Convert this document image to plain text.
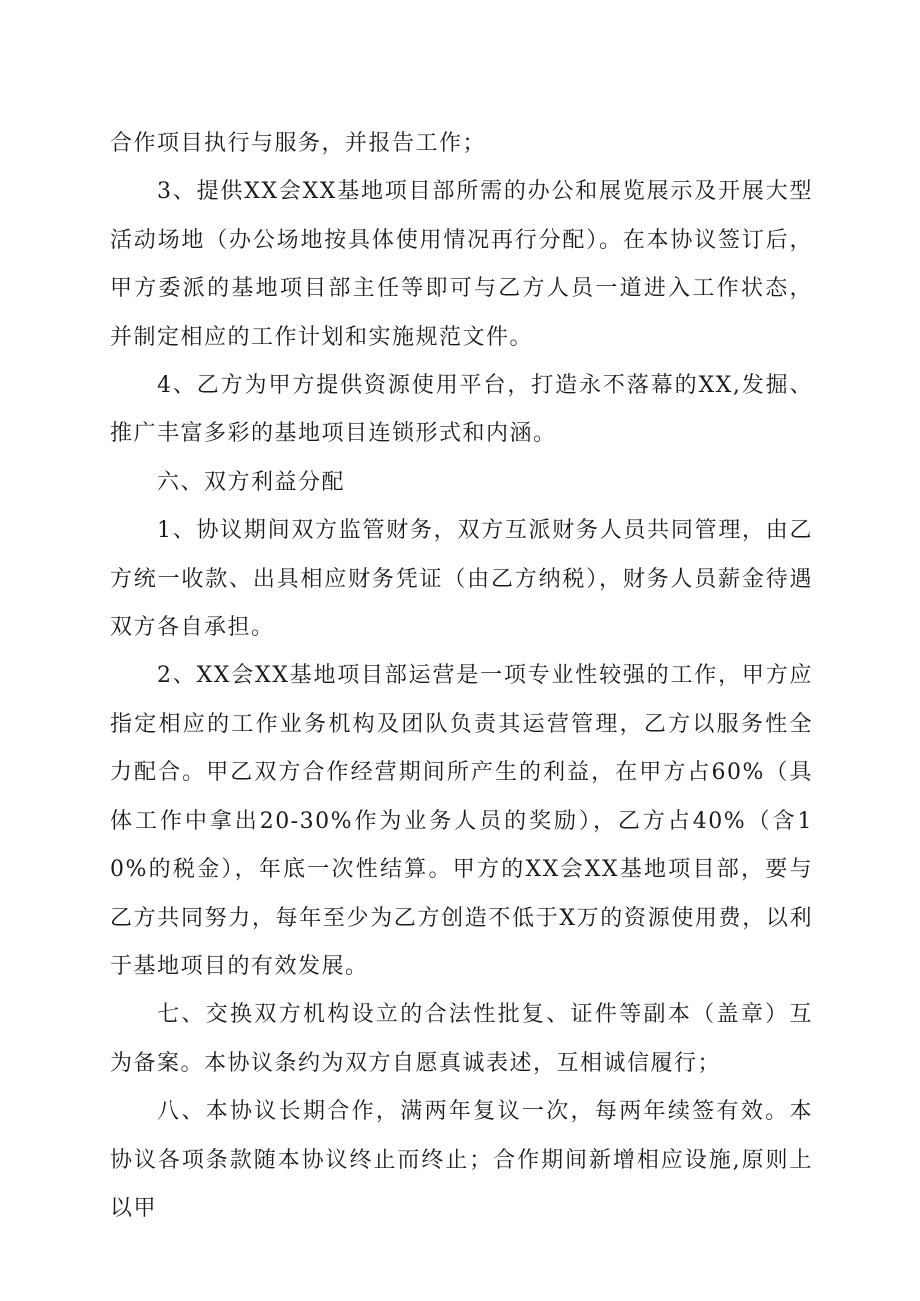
合作项目执行与服务，并报告工作；

3、提供XX会XX基地项目部所需的办公和展览展示及开展大型活动场地（办公场地按具体使用情况再行分配）。在本协议签订后，甲方委派的基地项目部主任等即可与乙方人员一道进入工作状态，并制定相应的工作计划和实施规范文件。

4、乙方为甲方提供资源使用平台，打造永不落幕的XX,发掘、推广丰富多彩的基地项目连锁形式和内涵。

六、双方利益分配

1、协议期间双方监管财务，双方互派财务人员共同管理，由乙方统一收款、出具相应财务凭证（由乙方纳税），财务人员薪金待遇双方各自承担。

2、XX会XX基地项目部运营是一项专业性较强的工作，甲方应指定相应的工作业务机构及团队负责其运营管理，乙方以服务性全力配合。甲乙双方合作经营期间所产生的利益，在甲方占60%（具体工作中拿出20-30%作为业务人员的奖励），乙方占40%（含10%的税金），年底一次性结算。甲方的XX会XX基地项目部，要与乙方共同努力，每年至少为乙方创造不低于X万的资源使用费，以利于基地项目的有效发展。

七、交换双方机构设立的合法性批复、证件等副本（盖章）互为备案。本协议条约为双方自愿真诚表述，互相诚信履行；

八、本协议长期合作，满两年复议一次，每两年续签有效。本协议各项条款随本协议终止而终止；合作期间新增相应设施,原则上以甲
